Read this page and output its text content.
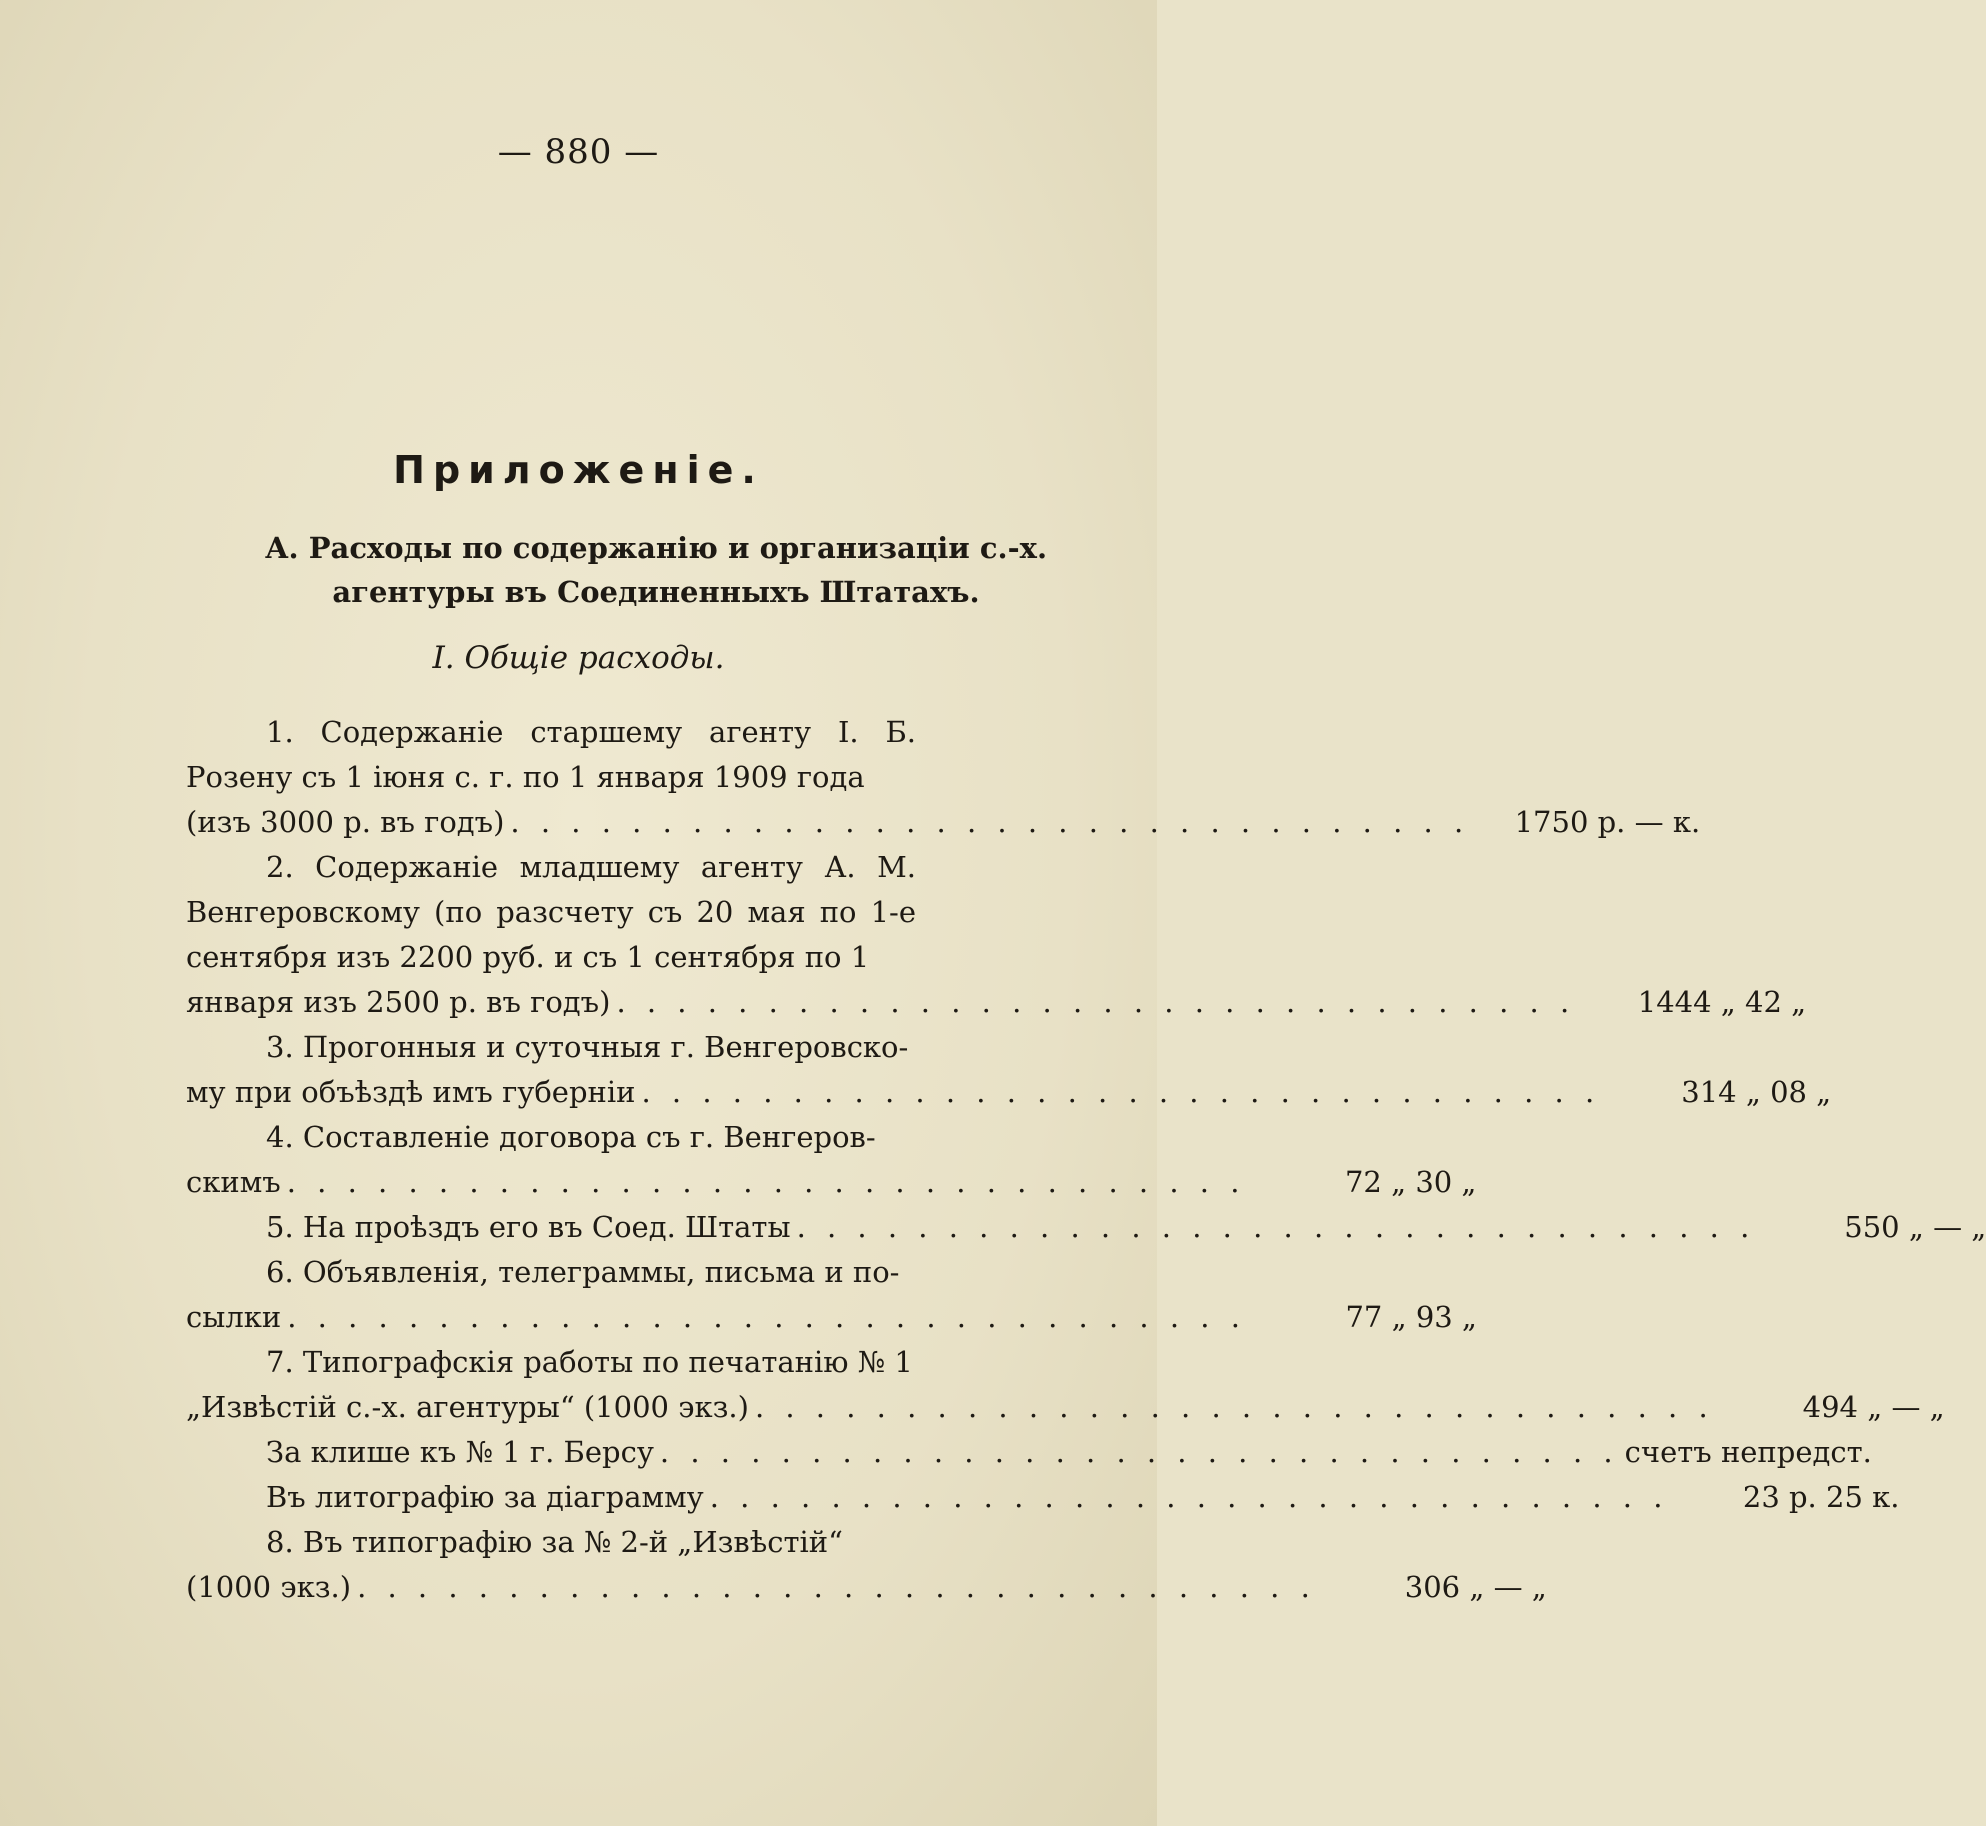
— 880 —
Приложеніе.
А. Расходы по содержанію и организаціи с.-х. агентуры въ Соединенныхъ Штатахъ.
I. Общіе расходы.
1. Содержаніе старшему агенту І. Б. Розену съ 1 іюня с. г. по 1 января 1909 года
(изъ 3000 р. въ годъ) . . . . . . . . . . . . . . . . . . . . . . . . . . . . . . . .	1750 р. — к.
2. Содержаніе младшему агенту А. М. Венгеровскому (по разсчету съ 20 мая по 1-е сентября изъ 2200 руб. и съ 1 сентября по 1
января изъ 2500 р. въ годъ) . . . . . . . . . . . . . . . . . . . . . . . . . . . . . . . .	1444 „ 42 „
3. Прогонныя и суточныя г. Венгеровско-
му при объѣздѣ имъ губерніи . . . . . . . . . . . . . . . . . . . . . . . . . . . . . . . .	314 „ 08 „
4. Составленіе договора съ г. Венгеров-
скимъ . . . . . . . . . . . . . . . . . . . . . . . . . . . . . . . .	72 „ 30 „
5. На проѣздъ его въ Соед. Штаты . . . . . . . . . . . . . . . . . . . . . . . . . . . . . . . .	550 „ — „
6. Объявленія, телеграммы, письма и по-
сылки . . . . . . . . . . . . . . . . . . . . . . . . . . . . . . . .	77 „ 93 „
7. Типографскія работы по печатанію № 1
„Извѣстій с.-х. агентуры“ (1000 экз.) . . . . . . . . . . . . . . . . . . . . . . . . . . . . . . . .	494 „ — „
За клише къ № 1 г. Берсу . . . . . . . . . . . . . . . . . . . . . . . . . . . . . . . . счетъ непредст.
Въ литографію за діаграмму . . . . . . . . . . . . . . . . . . . . . . . . . . . . . . . .	23 р. 25 к.
8. Въ типографію за № 2-й „Извѣстій“
(1000 экз.) . . . . . . . . . . . . . . . . . . . . . . . . . . . . . . . .	306 „ — „
